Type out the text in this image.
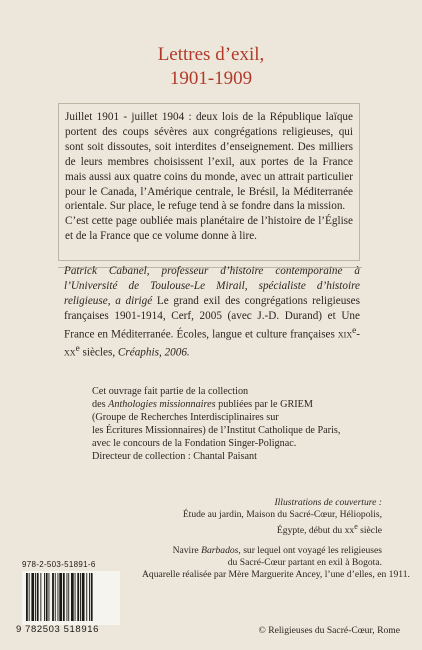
Lettres d’exil,
1901-1909

Juillet 1901 - juillet 1904 : deux lois de la République laïque portent des coups sévères aux congrégations religieuses, qui sont soit dissoutes, soit interdites d’enseignement. Des milliers de leurs membres choisissent l’exil, aux portes de la France mais aussi aux quatre coins du monde, avec un attrait particulier pour le Canada, l’Amérique centrale, le Brésil, la Méditerranée orientale. Sur place, le refuge tend à se fondre dans la mission.

C’est cette page oubliée mais planétaire de l’histoire de l’Église et de la France que ce volume donne à lire.

Patrick Cabanel, professeur d’histoire contemporaine à l’Université de Toulouse-Le Mirail, spécialiste d’histoire religieuse, a dirigé Le grand exil des congrégations religieuses françaises 1901-1914, Cerf, 2005 (avec J.-D. Durand) et Une France en Méditerranée. Écoles, langue et culture françaises $xix^e-xx^e$ siècles, Créaphis, 2006.

Cet ouvrage fait partie de la collection
des Anthologies missionnaires publiées par le GRIEM
(Groupe de Recherches Interdisciplinaires sur
les Écritures Missionnaires) de l’Institut Catholique de Paris,
avec le concours de la Fondation Singer-Polignac.
Directeur de collection : Chantal Paisant
Illustrations de couverture :
Étude au jardin, Maison du Sacré-Cœur, Héliopolis,
Égypte, début du $xx^e$ siècle
Navire Barbados, sur lequel ont voyagé les religieuses
du Sacré-Cœur partant en exil à Bogota.
Aquarelle réalisée par Mère Marguerite Ancey, l’une d’elles, en 1911.
978-2-503-51891-6
9 782503 518916	© Religieuses du Sacré-Cœur, Rome
